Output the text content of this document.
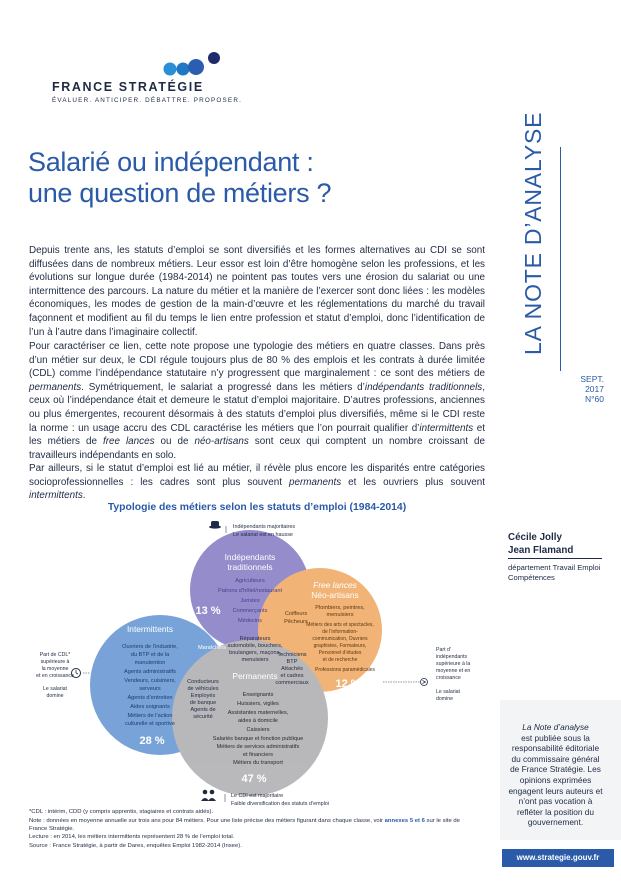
FRANCE STRATÉGIE
ÉVALUER. ANTICIPER. DÉBATTRE. PROPOSER.
Salarié ou indépendant :
une question de métiers ?	LA NOTE D’ANALYSE
SEPT.
2017
N°60

Depuis trente ans, les statuts d’emploi se sont diversifiés et les formes alternatives au CDI se sont diffusées dans de nombreux métiers. Leur essor est loin d’être homogène selon les professions, et les évolutions sur longue durée (1984-2014) ne pointent pas toutes vers une érosion du salariat ou une intermittence des parcours. La nature du métier et la manière de l’exercer sont donc liées : les modèles économiques, les modes de gestion de la main-d’œuvre et les réglementations du marché du travail façonnent et modifient au fil du temps le lien entre profession et statut d’emploi, donc l’identification de l’un à l’autre dans l’imaginaire collectif.

Pour caractériser ce lien, cette note propose une typologie des métiers en quatre classes. Dans près d’un métier sur deux, le CDI régule toujours plus de 80 % des emplois et les contrats à durée limitée (CDL) comme l’indépendance statutaire n’y progressent que marginalement : ce sont des métiers de permanents. Symétriquement, le salariat a progressé dans les métiers d’indépendants traditionnels, ceux où l’indépendance était et demeure le statut d’emploi majoritaire. D’autres professions, anciennes ou plus émergentes, recourent désormais à des statuts d’emploi plus diversifiés, même si le CDI reste la norme : un usage accru des CDL caractérise les métiers que l’on pourrait qualifier d’intermittents et les métiers de free lances ou de néo-artisans sont ceux qui comptent un nombre croissant de travailleurs indépendants en solo.

Par ailleurs, si le statut d’emploi est lié au métier, il révèle plus encore les disparités entre catégories socioprofessionnelles : les cadres sont plus souvent permanents et les ouvriers plus souvent intermittents.

Typologie des métiers selon les statuts d’emploi (1984-2014)
Indépendants
traditionnels
Agriculteurs
Patrons d’hôtel/restaurant
Juristes
Commerçants
Médecins
13 %
Free lances
Néo-artisans
Plombiers, peintres,
menuisiers
Métiers des arts et spectacles,
de l’information-
communication, Ouvriers
graphistes, Formateurs,
Personnel d’études
et de recherche
Professions paramédicales
12 %
Coiffeurs
Pêcheurs
Intermittents
Ouvriers de l’industrie,
du BTP et de la
manutention
Agents administratifs
Vendeurs, cuisiniers,
serveurs
Agents d’entretien
Aides soignants
Métiers de l’action
culturelle et sportive
28 %
Maraîchers
Réparateurs
automobile, bouchers,
boulangers, maçons,
menuisiers
Conducteurs
de véhicules
Employés
de banque
Agents de
sécurité
Techniciens
BTP
Attachés
et cadres
commerciaux
Permanents
Enseignants
Huissiers, vigiles
Assistantes maternelles,
aides à domicile
Caissiers
Salariés banque et fonction publique
Métiers de services administratifs
et financiers
Métiers du transport
47 %
Indépendants majoritaires
Le salariat est en hausse
Part de CDL*
supérieure à
la moyenne
et en croissance
Le salariat
domine
Part d’
indépendants
supérieure à la
moyenne et en
croissance
Le salariat
domine
Le CDI est majoritaire
Faible diversification des statuts d’emploi
Cécile Jolly
Jean Flamand
département Travail Emploi
Compétences
La Note d’analyse
est publiée sous la responsabilité éditoriale du commissaire général de France Stratégie. Les opinions exprimées engagent leurs auteurs et n’ont pas vocation à refléter la position du gouvernement.
*CDL : intérim, CDD (y compris apprentis, stagiaires et contrats aidés).
Note : données en moyenne annuelle sur trois ans pour 84 métiers. Pour une liste précise des métiers figurant dans chaque classe, voir annexes 5 et 6 sur le site de France Stratégie.
Lecture : en 2014, les métiers intermittents représentent 28 % de l’emploi total.
Source : France Stratégie, à partir de Dares, enquêtes Emploi 1982-2014 (Insee).
www.strategie.gouv.fr
